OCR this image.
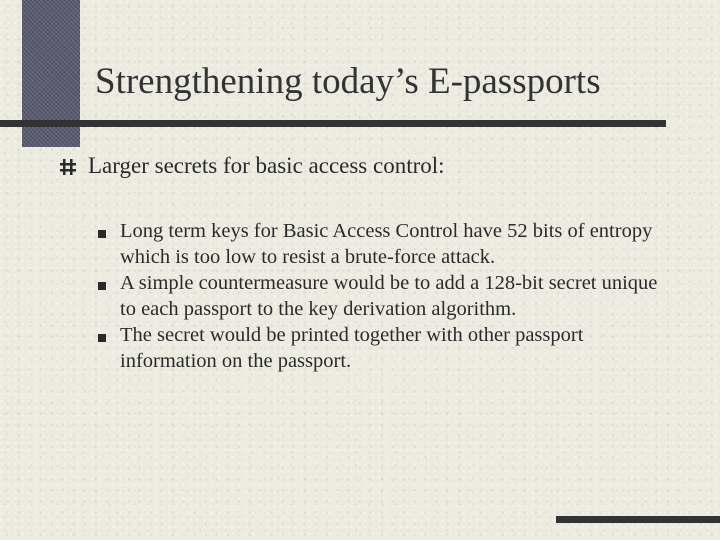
Strengthening today’s E-passports
Larger secrets for basic access control:
Long term keys for Basic Access Control have 52 bits of entropy which is too low to resist a brute-force attack.
A simple countermeasure would be to add a 128-bit secret unique to each passport to the key derivation algorithm.
The secret would be printed together with other passport information on the passport.
